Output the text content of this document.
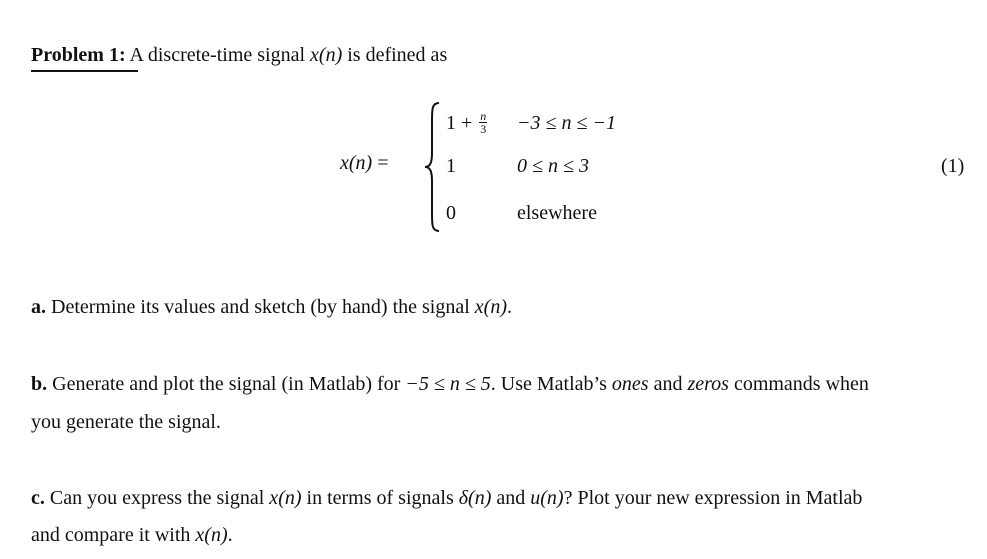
Problem 1: A discrete-time signal x(n) is defined as
x(n) =
$1 + \frac{n}{3} -3 \le n \le -1$
1	0 ≤ n ≤ 3
0	elsewhere
(1)
a. Determine its values and sketch (by hand) the signal x(n).
b. Generate and plot the signal (in Matlab) for −5 ≤ n ≤ 5. Use Matlab’s ones and zeros commands when
you generate the signal.
c. Can you express the signal x(n) in terms of signals δ(n) and u(n)? Plot your new expression in Matlab
and compare it with x(n).
